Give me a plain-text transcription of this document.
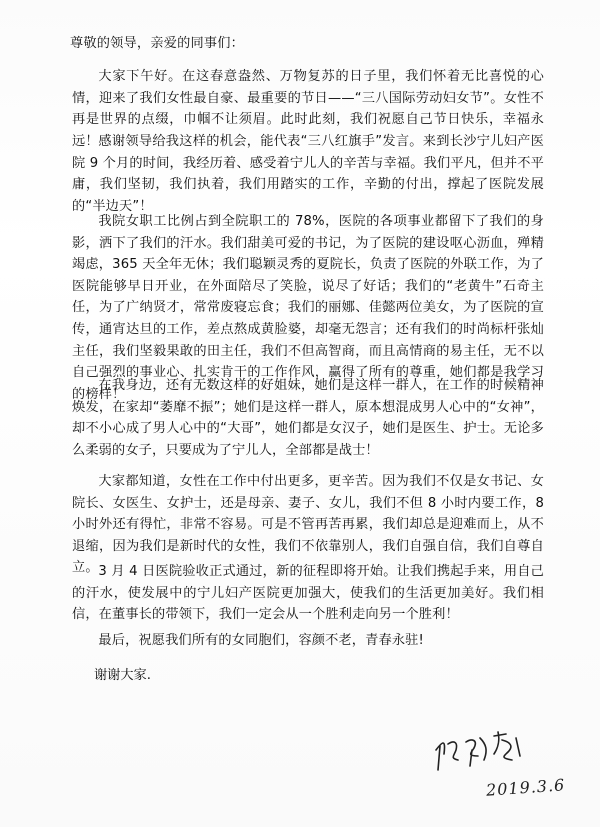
尊敬的领导，亲爱的同事们：
大家下午好。在这春意盎然、万物复苏的日子里，我们怀着无比喜悦的心情，迎来了我们女性最自豪、最重要的节日——“三八国际劳动妇女节”。女性不再是世界的点缀，巾帼不让须眉。此时此刻，我们祝愿自己节日快乐，幸福永远！ 感谢领导给我这样的机会，能代表“三八红旗手”发言。来到长沙宁儿妇产医院 9 个月的时间，我经历着、感受着宁儿人的辛苦与幸福。我们平凡，但并不平庸，我们坚韧，我们执着，我们用踏实的工作，辛勤的付出，撑起了医院发展的“半边天”！
我院女职工比例占到全院职工的 78%，医院的各项事业都留下了我们的身影，洒下了我们的汗水。我们甜美可爱的书记，为了医院的建设呕心沥血，殚精竭虑，365 天全年无休；我们聪颖灵秀的夏院长，负责了医院的外联工作，为了医院能够早日开业，在外面陪尽了笑脸，说尽了好话；我们的“老黄牛”石奇主任，为了广纳贤才，常常废寝忘食；我们的丽娜、佳懿两位美女，为了医院的宣传，通宵达旦的工作，差点熬成黄脸婆，却毫无怨言；还有我们的时尚标杆张灿主任，我们坚毅果敢的田主任，我们不但高智商，而且高情商的易主任，无不以自己强烈的事业心、扎实肯干的工作作风，赢得了所有的尊重，她们都是我学习的榜样！
在我身边，还有无数这样的好姐妹，她们是这样一群人，在工作的时候精神焕发，在家却“萎靡不振”；她们是这样一群人，原本想混成男人心中的“女神”，却不小心成了男人心中的“大哥”，她们都是女汉子，她们是医生、护士。无论多么柔弱的女子，只要成为了宁儿人，全部都是战士！
大家都知道，女性在工作中付出更多，更辛苦。因为我们不仅是女书记、女院长、女医生、女护士，还是母亲、妻子、女儿，我们不但 8 小时内要工作，8 小时外还有得忙，非常不容易。可是不管再苦再累，我们却总是迎难而上，从不退缩，因为我们是新时代的女性，我们不依靠别人，我们自强自信，我们自尊自立。 3 月 4 日医院验收正式通过，新的征程即将开始。让我们携起手来，用自己的汗水，使发展中的宁儿妇产医院更加强大，使我们的生活更加美好。我们相信，在董事长的带领下，我们一定会从一个胜利走向另一个胜利！
最后，祝愿我们所有的女同胞们，容颜不老，青春永驻!
谢谢大家.
2019.3.6
